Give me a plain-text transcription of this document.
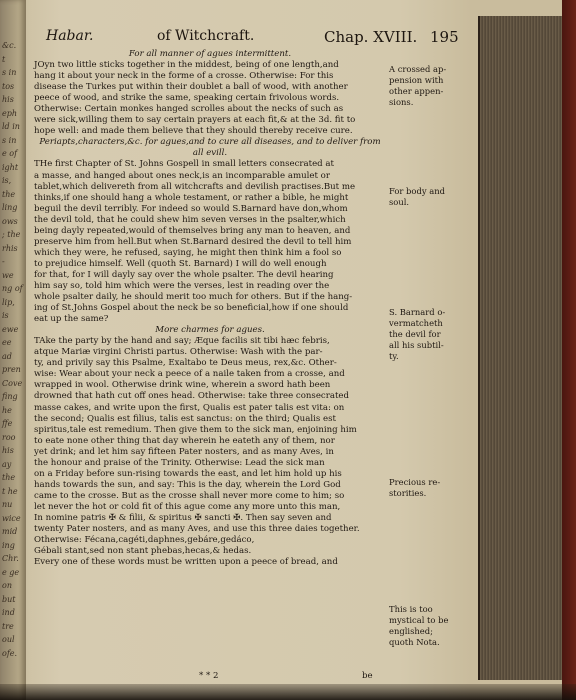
&c.
t
s in
tos
his
eph
ld in
s in
e of
ight
is,
the
ling
ows
; the
rhis
-
we
ng of
lip,
is
ewe
ee
ad
pren
Cove
fing
he
ffe
roo
his
ay
the
t he
nu
wice
mid
ing
Chr.
e ge
on
but
ind
tre
oul
ofe.
Habar.	of Witchcraft.	Chap. XVIII. 195

For all manner of agues intermittent.

JOyn two little sticks together in the middest, being of one length,and

hang it about your neck in the forme of a crosse. Otherwise: For this

disease the Turkes put within their doublet a ball of wood, with another

peece of wood, and strike the same, speaking certain frivolous words.

Otherwise: Certain monkes hanged scrolles about the necks of such as

were sick,willing them to say certain prayers at each fit,& at the 3d. fit to

hope well: and made them believe that they should thereby receive cure.

Periapts,characters,&c. for agues,and to cure all diseases, and to deliver from all evill.

THe first Chapter of St. Johns Gospell in small letters consecrated at

a masse, and hanged about ones neck,is an incomparable amulet or

tablet,which delivereth from all witchcrafts and devilish practises.But me

thinks,if one should hang a whole testament, or rather a bible, he might

beguil the devil terribly. For indeed so would S.Barnard have don,whom

the devil told, that he could shew him seven verses in the psalter,which

being dayly repeated,would of themselves bring any man to heaven, and

preserve him from hell.But when St.Barnard desired the devil to tell him

which they were, he refused, saying, he might then think him a fool so

to prejudice himself. Well (quoth St. Barnard) I will do well enough

for that, for I will dayly say over the whole psalter. The devil hearing

him say so, told him which were the verses, lest in reading over the

whole psalter daily, he should merit too much for others. But if the hang-

ing of St.Johns Gospel about the neck be so beneficial,how if one should

eat up the same?

More charmes for agues.

TAke the party by the hand and say; Æque facilis sit tibi hæc febris,

atque Mariæ virgini Christi partus. Otherwise: Wash with the par-

ty, and privily say this Psalme, Exaltabo te Deus meus, rex,&c. Other-

wise: Wear about your neck a peece of a naile taken from a crosse, and

wrapped in wool. Otherwise drink wine, wherein a sword hath been

drowned that hath cut off ones head. Otherwise: take three consecrated

masse cakes, and write upon the first, Qualis est pater talis est vita: on

the second; Qualis est filius, talis est sanctus: on the third; Qualis est

spiritus,tale est remedium. Then give them to the sick man, enjoining him

to eate none other thing that day wherein he eateth any of them, nor

yet drink; and let him say fifteen Pater nosters, and as many Aves, in

the honour and praise of the Trinity. Otherwise: Lead the sick man

on a Friday before sun-rising towards the east, and let him hold up his

hands towards the sun, and say: This is the day, wherein the Lord God

came to the crosse. But as the crosse shall never more come to him; so

let never the hot or cold fit of this ague come any more unto this man,

In nomine patris ✠ & filii, & spiritus ✠ sancti ✠. Then say seven and

twenty Pater nosters, and as many Aves, and use this three daies together.

Otherwise: Fécana,cagéti,daphnes,gebáre,gedáco,

Gébali stant,sed non stant phebas,hecas,& hedas.

Every one of these words must be written upon a peece of bread, and

A crossed ap-
pension with
other appen-
sions.
For body and
soul.
S. Barnard o-
vermatcheth
the devil for
all his subtil-
ty.
Precious re-
storities.
This is too
mystical to be
englished;
quoth Nota.
* * 2	be
